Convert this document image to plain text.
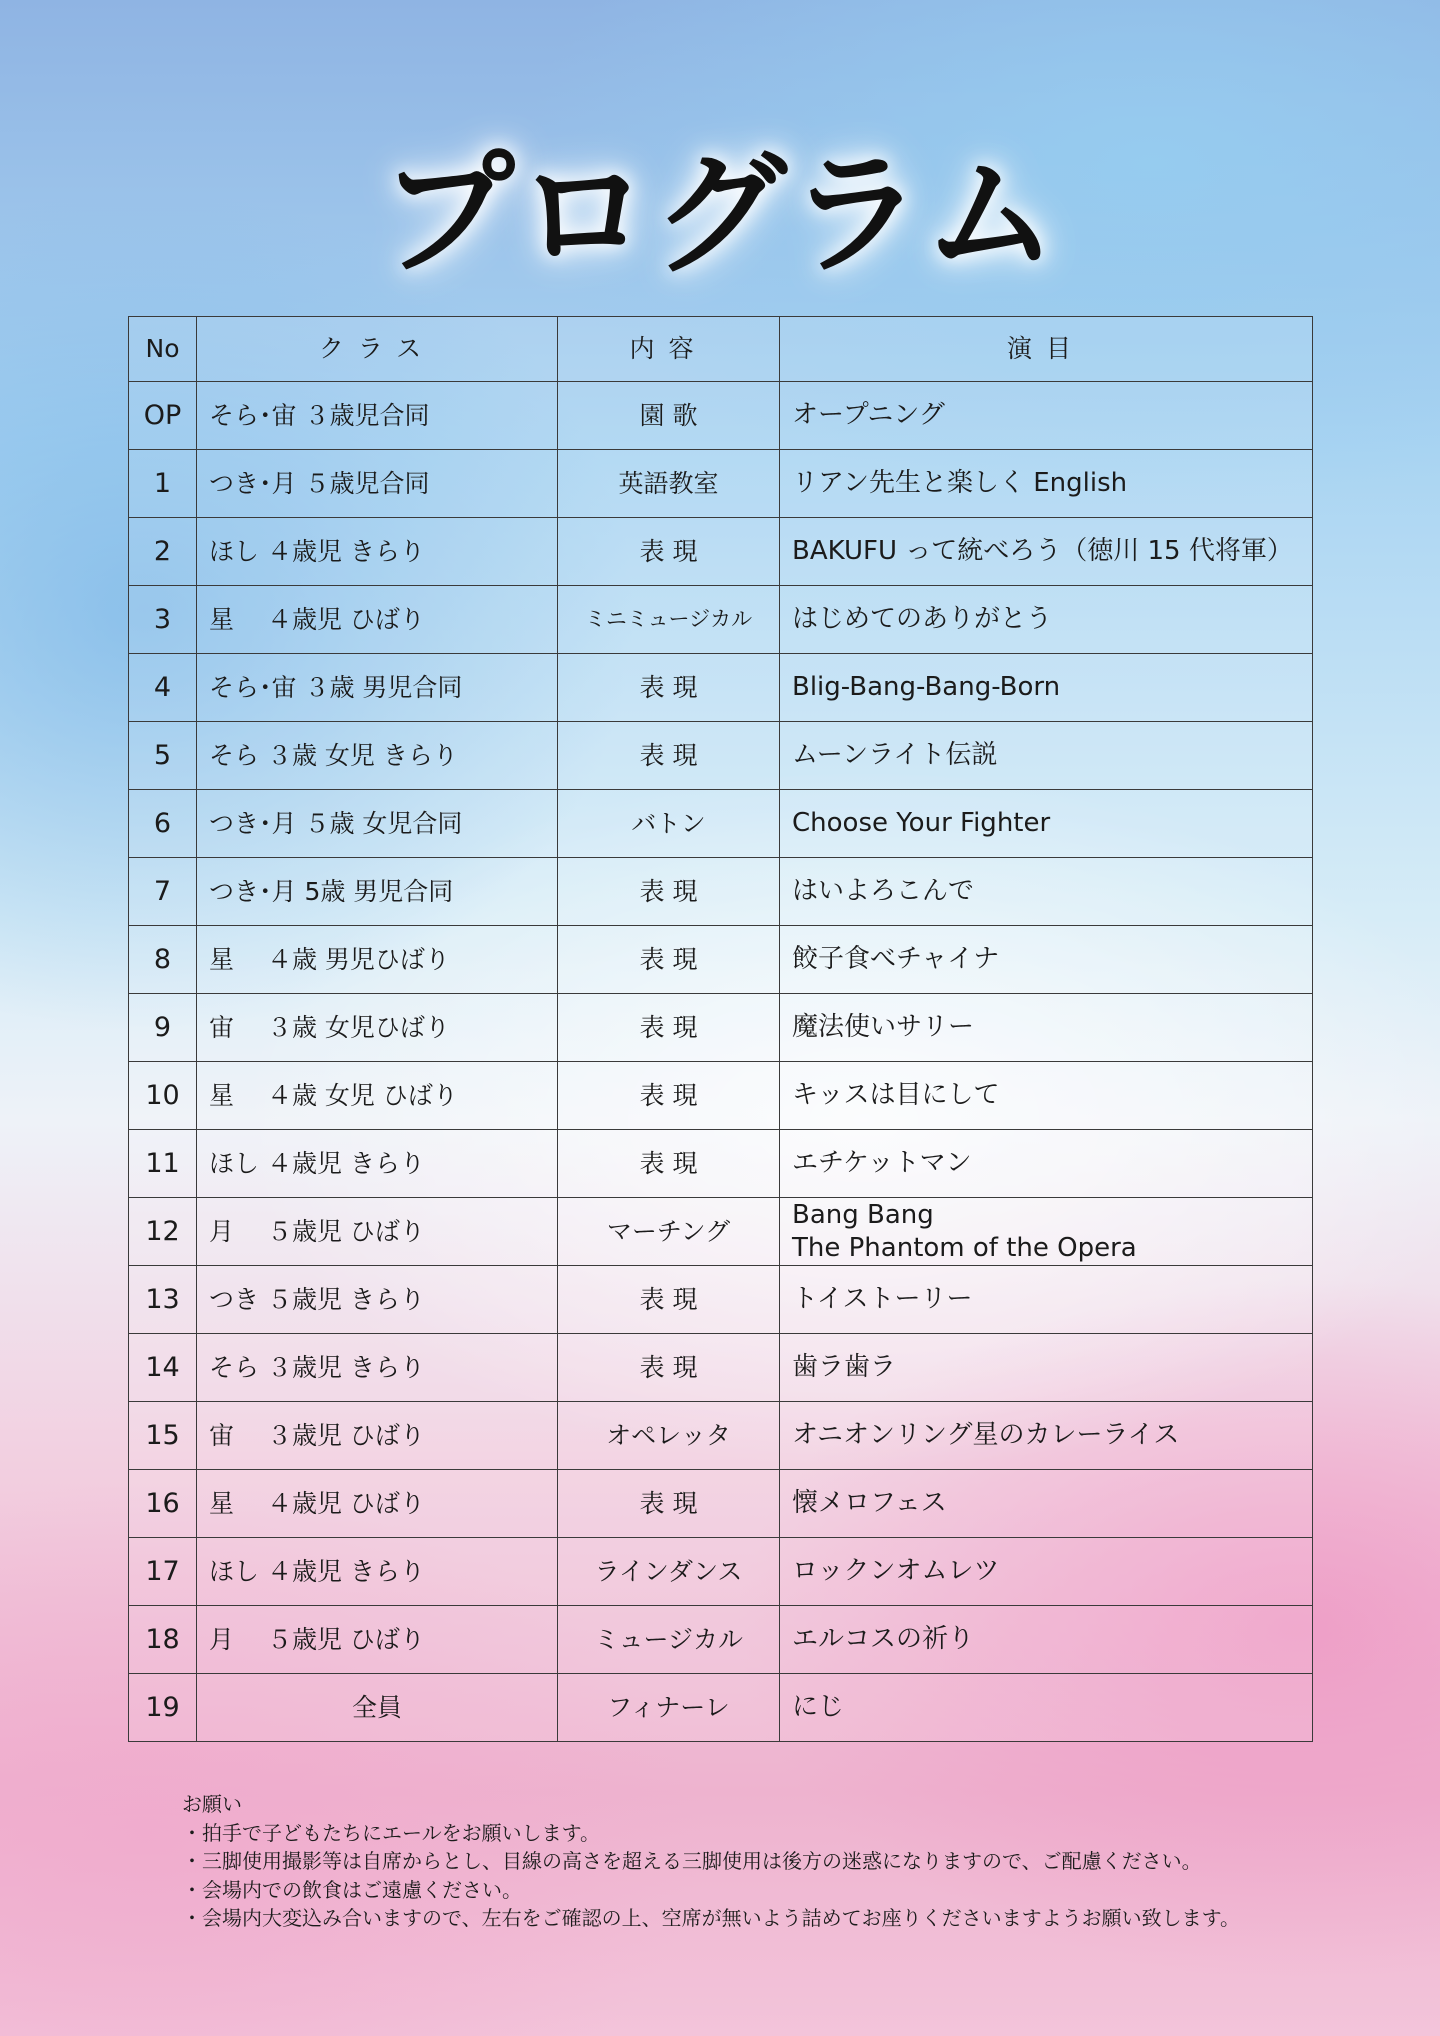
プログラム
No	クラス	内容	演目
OP	そら･宙 ３歳児合同	園 歌	オープニング
1	つき･月 ５歳児合同	英語教室	リアン先生と楽しく English
2	ほし ４歳児 きらり	表 現	BAKUFU って統べろう（徳川 15 代将軍）
3	星 　４歳児 ひばり	ミニミュージカル	はじめてのありがとう
4	そら･宙 ３歳 男児合同	表 現	Blig-Bang-Bang-Born
5	そら ３歳 女児 きらり	表 現	ムーンライト伝説
6	つき･月 ５歳 女児合同	バトン	Choose Your Fighter
7	つき･月 5歳 男児合同	表 現	はいよろこんで
8	星 　４歳 男児ひばり	表 現	餃子食べチャイナ
9	宙 　３歳 女児ひばり	表 現	魔法使いサリー
10	星 　４歳 女児 ひばり	表 現	キッスは目にして
11	ほし ４歳児 きらり	表 現	エチケットマン
12	月 　５歳児 ひばり	マーチング	Bang Bang
The Phantom of the Opera

13	つき ５歳児 きらり	表 現	トイストーリー
14	そら ３歳児 きらり	表 現	歯ラ歯ラ
15	宙 　３歳児 ひばり	オペレッタ	オニオンリング星のカレーライス
16	星 　４歳児 ひばり	表 現	懐メロフェス
17	ほし ４歳児 きらり	ラインダンス	ロックンオムレツ
18	月 　５歳児 ひばり	ミュージカル	エルコスの祈り
19	全員	フィナーレ	にじ
お願い
・拍手で子どもたちにエールをお願いします。
・三脚使用撮影等は自席からとし、目線の高さを超える三脚使用は後方の迷惑になりますので、ご配慮ください。
・会場内での飲食はご遠慮ください。
・会場内大変込み合いますので、左右をご確認の上、空席が無いよう詰めてお座りくださいますようお願い致します。
